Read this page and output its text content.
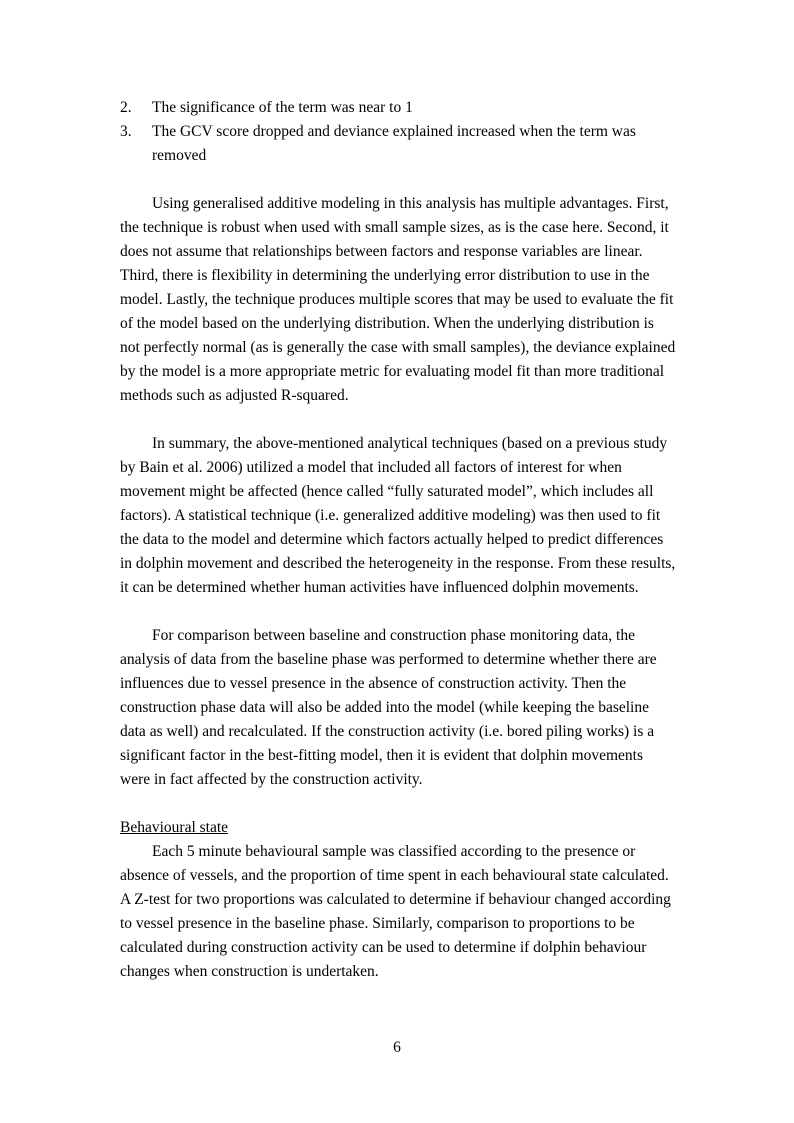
2.	The significance of the term was near to 1
3.	The GCV score dropped and deviance explained increased when the term was removed

Using generalised additive modeling in this analysis has multiple advantages. First, the technique is robust when used with small sample sizes, as is the case here. Second, it does not assume that relationships between factors and response variables are linear. Third, there is flexibility in determining the underlying error distribution to use in the model. Lastly, the technique produces multiple scores that may be used to evaluate the fit of the model based on the underlying distribution. When the underlying distribution is not perfectly normal (as is generally the case with small samples), the deviance explained by the model is a more appropriate metric for evaluating model fit than more traditional methods such as adjusted R-squared.

In summary, the above-mentioned analytical techniques (based on a previous study by Bain et al. 2006) utilized a model that included all factors of interest for when movement might be affected (hence called “fully saturated model”, which includes all factors). A statistical technique (i.e. generalized additive modeling) was then used to fit the data to the model and determine which factors actually helped to predict differences in dolphin movement and described the heterogeneity in the response. From these results, it can be determined whether human activities have influenced dolphin movements.

For comparison between baseline and construction phase monitoring data, the analysis of data from the baseline phase was performed to determine whether there are influences due to vessel presence in the absence of construction activity. Then the construction phase data will also be added into the model (while keeping the baseline data as well) and recalculated. If the construction activity (i.e. bored piling works) is a significant factor in the best-fitting model, then it is evident that dolphin movements were in fact affected by the construction activity.

Behavioural state

Each 5 minute behavioural sample was classified according to the presence or absence of vessels, and the proportion of time spent in each behavioural state calculated. A Z-test for two proportions was calculated to determine if behaviour changed according to vessel presence in the baseline phase. Similarly, comparison to proportions to be calculated during construction activity can be used to determine if dolphin behaviour changes when construction is undertaken.

6
